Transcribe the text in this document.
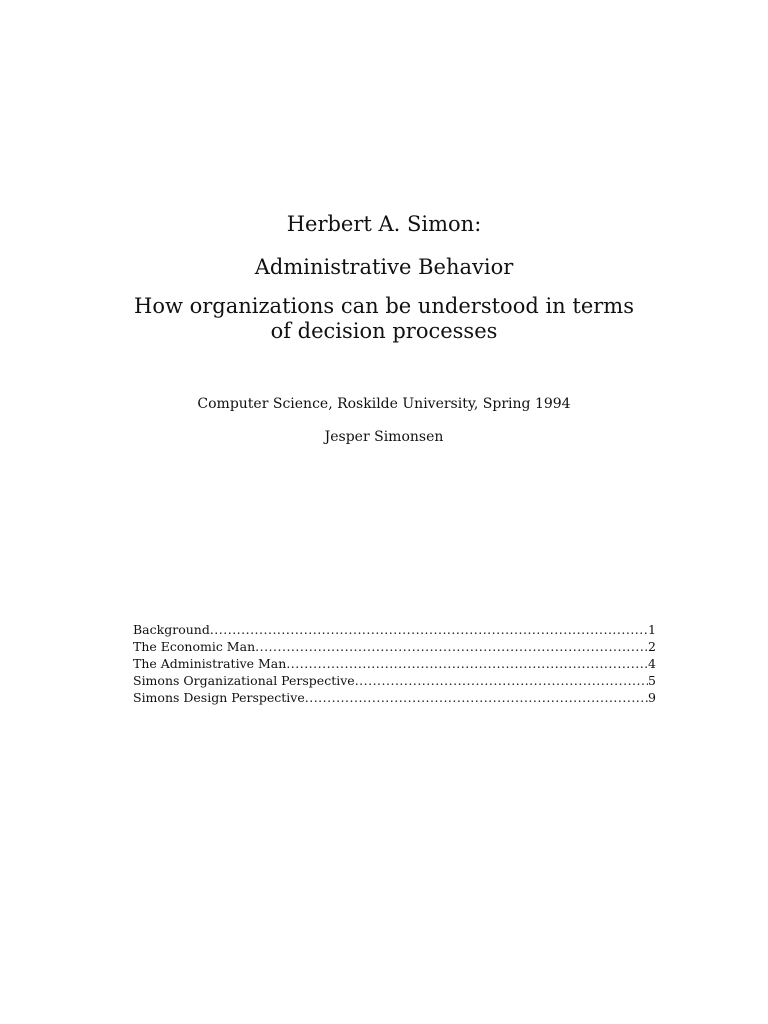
Herbert A. Simon:
Administrative Behavior
How organizations can be understood in terms of decision processes
Computer Science, Roskilde University, Spring 1994
Jesper Simonsen
Background .....	1
The Economic Man .....	2
The Administrative Man .....	4
Simons Organizational Perspective .....	5
Simons Design Perspective .....	9
